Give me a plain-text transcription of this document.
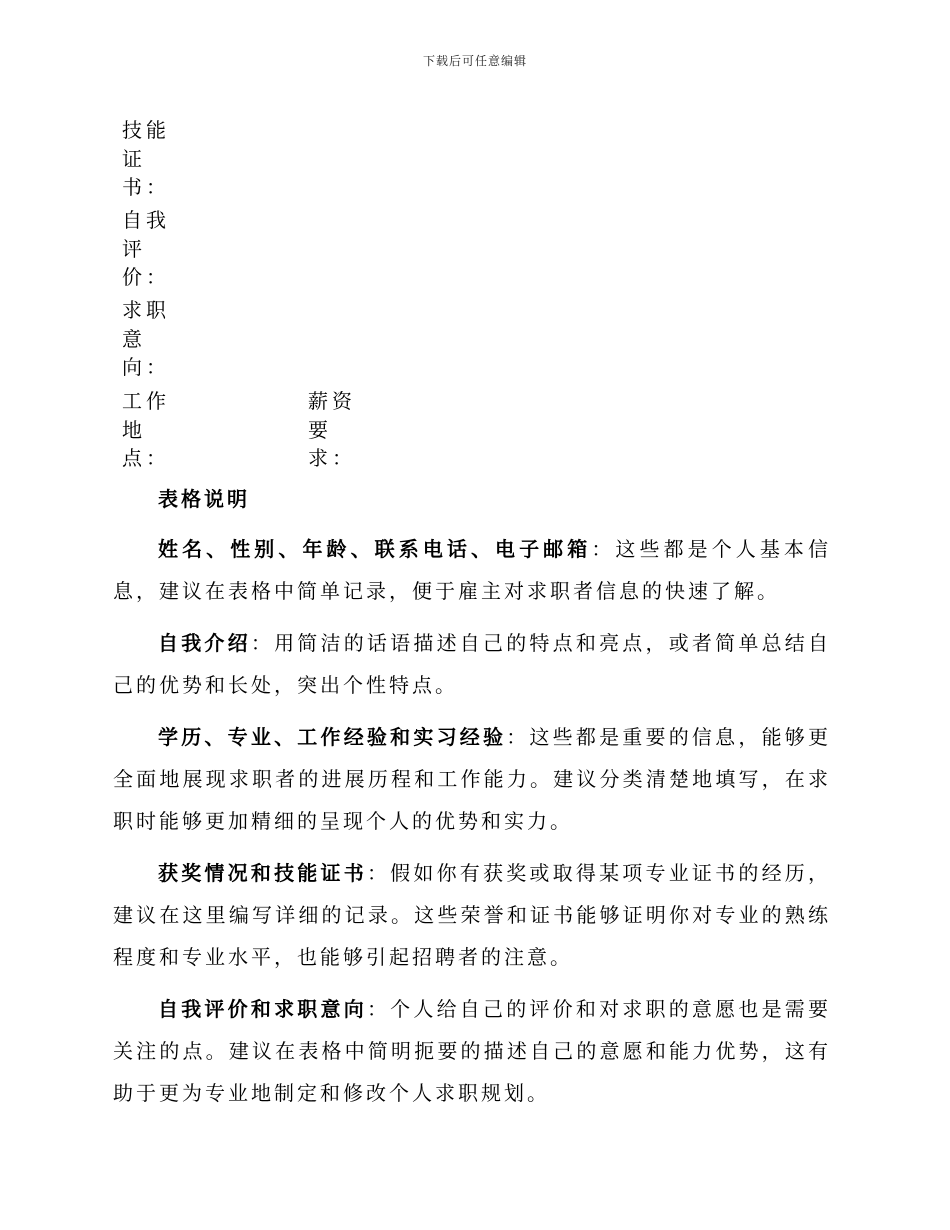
下载后可任意编辑
技能
证
书：
自我
评
价：
求职
意
向：
工作
地
点：
薪资
要
求：
表格说明

姓名、性别、年龄、联系电话、电子邮箱：这些都是个人基本信息，建议在表格中简单记录，便于雇主对求职者信息的快速了解。

自我介绍：用简洁的话语描述自己的特点和亮点，或者简单总结自己的优势和长处，突出个性特点。

学历、专业、工作经验和实习经验：这些都是重要的信息，能够更全面地展现求职者的进展历程和工作能力。建议分类清楚地填写，在求职时能够更加精细的呈现个人的优势和实力。

获奖情况和技能证书：假如你有获奖或取得某项专业证书的经历，建议在这里编写详细的记录。这些荣誉和证书能够证明你对专业的熟练程度和专业水平，也能够引起招聘者的注意。

自我评价和求职意向：个人给自己的评价和对求职的意愿也是需要关注的点。建议在表格中简明扼要的描述自己的意愿和能力优势，这有助于更为专业地制定和修改个人求职规划。
